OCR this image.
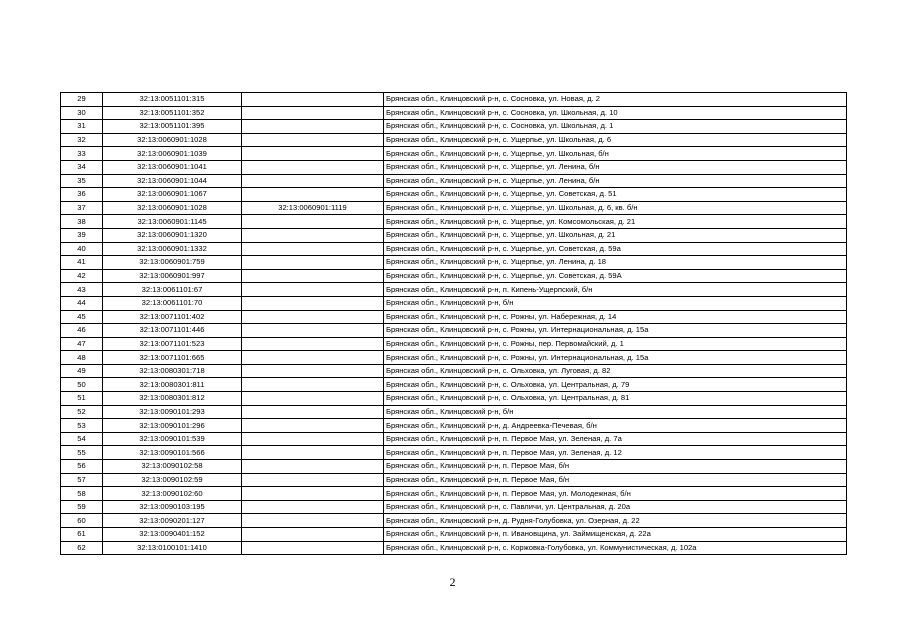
29	32:13:0051101:315		Брянская обл., Клинцовский р-н, с. Сосновка, ул. Новая, д. 2
30	32:13:0051101:352		Брянская обл., Клинцовский р-н, с. Сосновка, ул. Школьная, д. 10
31	32:13:0051101:395		Брянская обл., Клинцовский р-н, с. Сосновка, ул. Школьная, д. 1
32	32:13:0060901:1028		Брянская обл., Клинцовский р-н, с. Ущерпье, ул. Школьная, д. 6
33	32:13:0060901:1039		Брянская обл., Клинцовский р-н, с. Ущерпье, ул. Школьная, б/н
34	32:13:0060901:1041		Брянская обл., Клинцовский р-н, с. Ущерпье, ул. Ленина, б/н
35	32:13:0060901:1044		Брянская обл., Клинцовский р-н, с. Ущерпье, ул. Ленина, б/н
36	32:13:0060901:1067		Брянская обл., Клинцовский р-н, с. Ущерпье, ул. Советская, д. 51
37	32:13:0060901:1028	32:13:0060901:1119	Брянская обл., Клинцовский р-н, с. Ущерпье, ул. Школьная, д. 6, кв. б/н
38	32:13:0060901:1145		Брянская обл., Клинцовский р-н, с. Ущерпье, ул. Комсомольская, д. 21
39	32:13:0060901:1320		Брянская обл., Клинцовский р-н, с. Ущерпье, ул. Школьная, д. 21
40	32:13:0060901:1332		Брянская обл., Клинцовский р-н, с. Ущерпье, ул. Советская, д. 59а
41	32:13:0060901:759		Брянская обл., Клинцовский р-н, с. Ущерпье, ул. Ленина, д. 18
42	32:13:0060901:997		Брянская обл., Клинцовский р-н, с. Ущерпье, ул. Советская, д. 59А
43	32:13:0061101:67		Брянская обл., Клинцовский р-н, п. Кипень-Ущерпский, б/н
44	32:13:0061101:70		Брянская обл., Клинцовский р-н, б/н
45	32:13:0071101:402		Брянская обл., Клинцовский р-н, с. Рожны, ул. Набережная, д. 14
46	32:13:0071101:446		Брянская обл., Клинцовский р-н, с. Рожны, ул. Интернациональная, д. 15а
47	32:13:0071101:523		Брянская обл., Клинцовский р-н, с. Рожны, пер. Первомайский, д. 1
48	32:13:0071101:665		Брянская обл., Клинцовский р-н, с. Рожны, ул. Интернациональная, д. 15а
49	32:13:0080301:718		Брянская обл., Клинцовский р-н, с. Ольховка, ул. Луговая, д. 82
50	32:13:0080301:811		Брянская обл., Клинцовский р-н, с. Ольховка, ул. Центральная, д. 79
51	32:13:0080301:812		Брянская обл., Клинцовский р-н, с. Ольховка, ул. Центральная, д. 81
52	32:13:0090101:293		Брянская обл., Клинцовский р-н, б/н
53	32:13:0090101:296		Брянская обл., Клинцовский р-н, д. Андреевка-Печевая, б/н
54	32:13:0090101:539		Брянская обл., Клинцовский р-н, п. Первое Мая, ул. Зеленая, д. 7а
55	32:13:0090101:566		Брянская обл., Клинцовский р-н, п. Первое Мая, ул. Зеленая, д. 12
56	32:13:0090102:58		Брянская обл., Клинцовский р-н, п. Первое Мая, б/н
57	32:13:0090102:59		Брянская обл., Клинцовский р-н, п. Первое Мая, б/н
58	32:13:0090102:60		Брянская обл., Клинцовский р-н, п. Первое Мая, ул. Молодежная, б/н
59	32:13:0090103:195		Брянская обл., Клинцовский р-н, с. Павличи, ул. Центральная, д. 20а
60	32:13:0090201:127		Брянская обл., Клинцовский р-н, д. Рудня-Голубовка, ул. Озерная, д. 22
61	32:13:0090401:152		Брянская обл., Клинцовский р-н, п. Ивановщина, ул. Займищенская, д. 22а
62	32:13:0100101:1410		Брянская обл., Клинцовский р-н, с. Коржовка-Голубовка, ул. Коммунистическая, д. 102а
2
